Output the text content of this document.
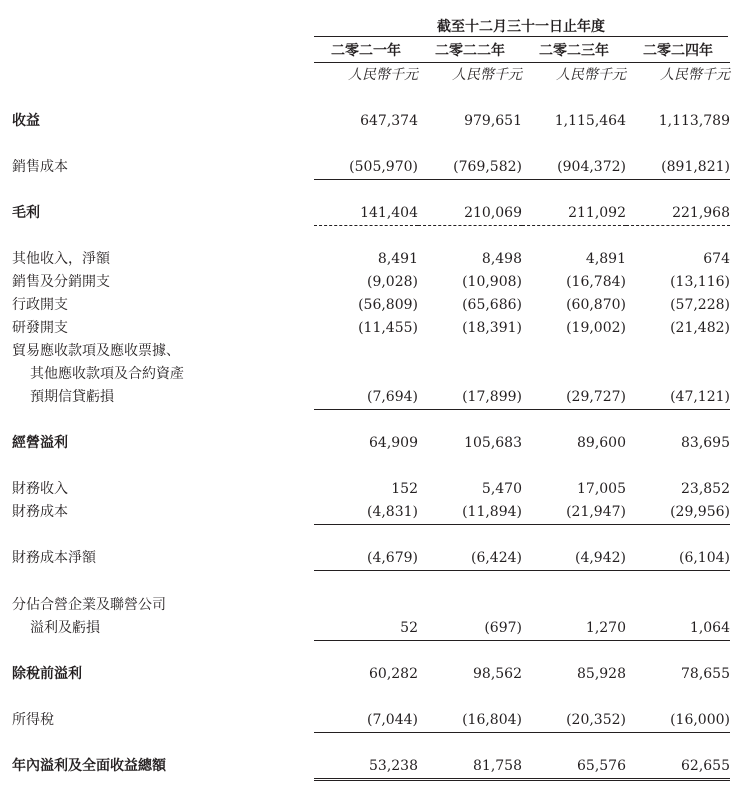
截至十二月三十一日止年度
二零二一年	二零二二年	二零二三年	二零二四年
人民幣千元	人民幣千元	人民幣千元	人民幣千元
收益	647,374	979,651	1,115,464	1,113,789
銷售成本	(505,970)	(769,582)	(904,372)	(891,821)
毛利	141,404	210,069	211,092	221,968
其他收入，淨額	8,491	8,498	4,891	674
銷售及分銷開支	(9,028)	(10,908)	(16,784)	(13,116)
行政開支	(56,809)	(65,686)	(60,870)	(57,228)
研發開支	(11,455)	(18,391)	(19,002)	(21,482)
貿易應收款項及應收票據、
其他應收款項及合約資產
預期信貸虧損	(7,694)	(17,899)	(29,727)	(47,121)
經營溢利	64,909	105,683	89,600	83,695
財務收入	152	5,470	17,005	23,852
財務成本	(4,831)	(11,894)	(21,947)	(29,956)
財務成本淨額	(4,679)	(6,424)	(4,942)	(6,104)
分佔合營企業及聯營公司
溢利及虧損	52	(697)	1,270	1,064
除稅前溢利	60,282	98,562	85,928	78,655
所得稅	(7,044)	(16,804)	(20,352)	(16,000)
年內溢利及全面收益總額	53,238	81,758	65,576	62,655
